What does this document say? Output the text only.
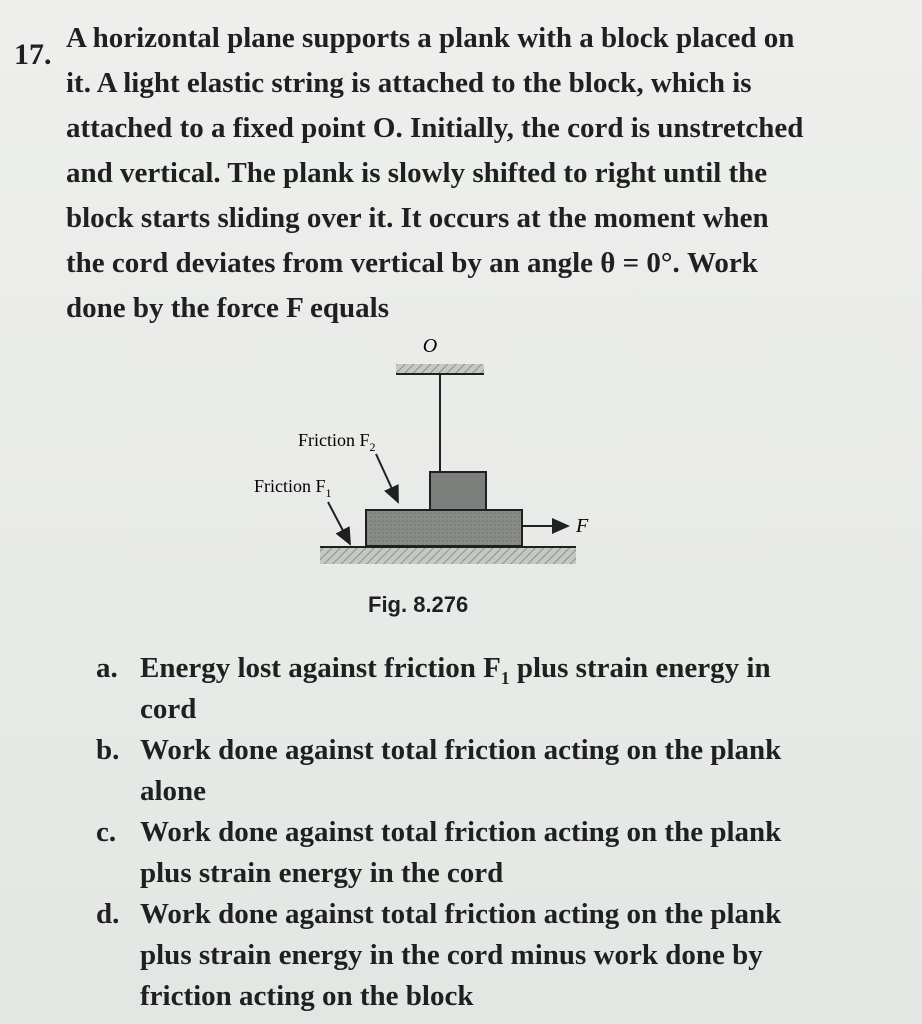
17. A horizontal plane supports a plank with a block placed on
it. A light elastic string is attached to the block, which is
attached to a fixed point O. Initially, the cord is unstretched
and vertical. The plank is slowly shifted to right until the
block starts sliding over it. It occurs at the moment when
the cord deviates from vertical by an angle θ = 0°. Work
done by the force F equals
O
F
Friction $F_2$
Friction $F_1$
Fig. 8.276
a. Energy lost against friction $F_1$ plus strain energy in
cord
b. Work done against total friction acting on the plank
alone
c. Work done against total friction acting on the plank
plus strain energy in the cord
d. Work done against total friction acting on the plank
plus strain energy in the cord minus work done by
friction acting on the block
